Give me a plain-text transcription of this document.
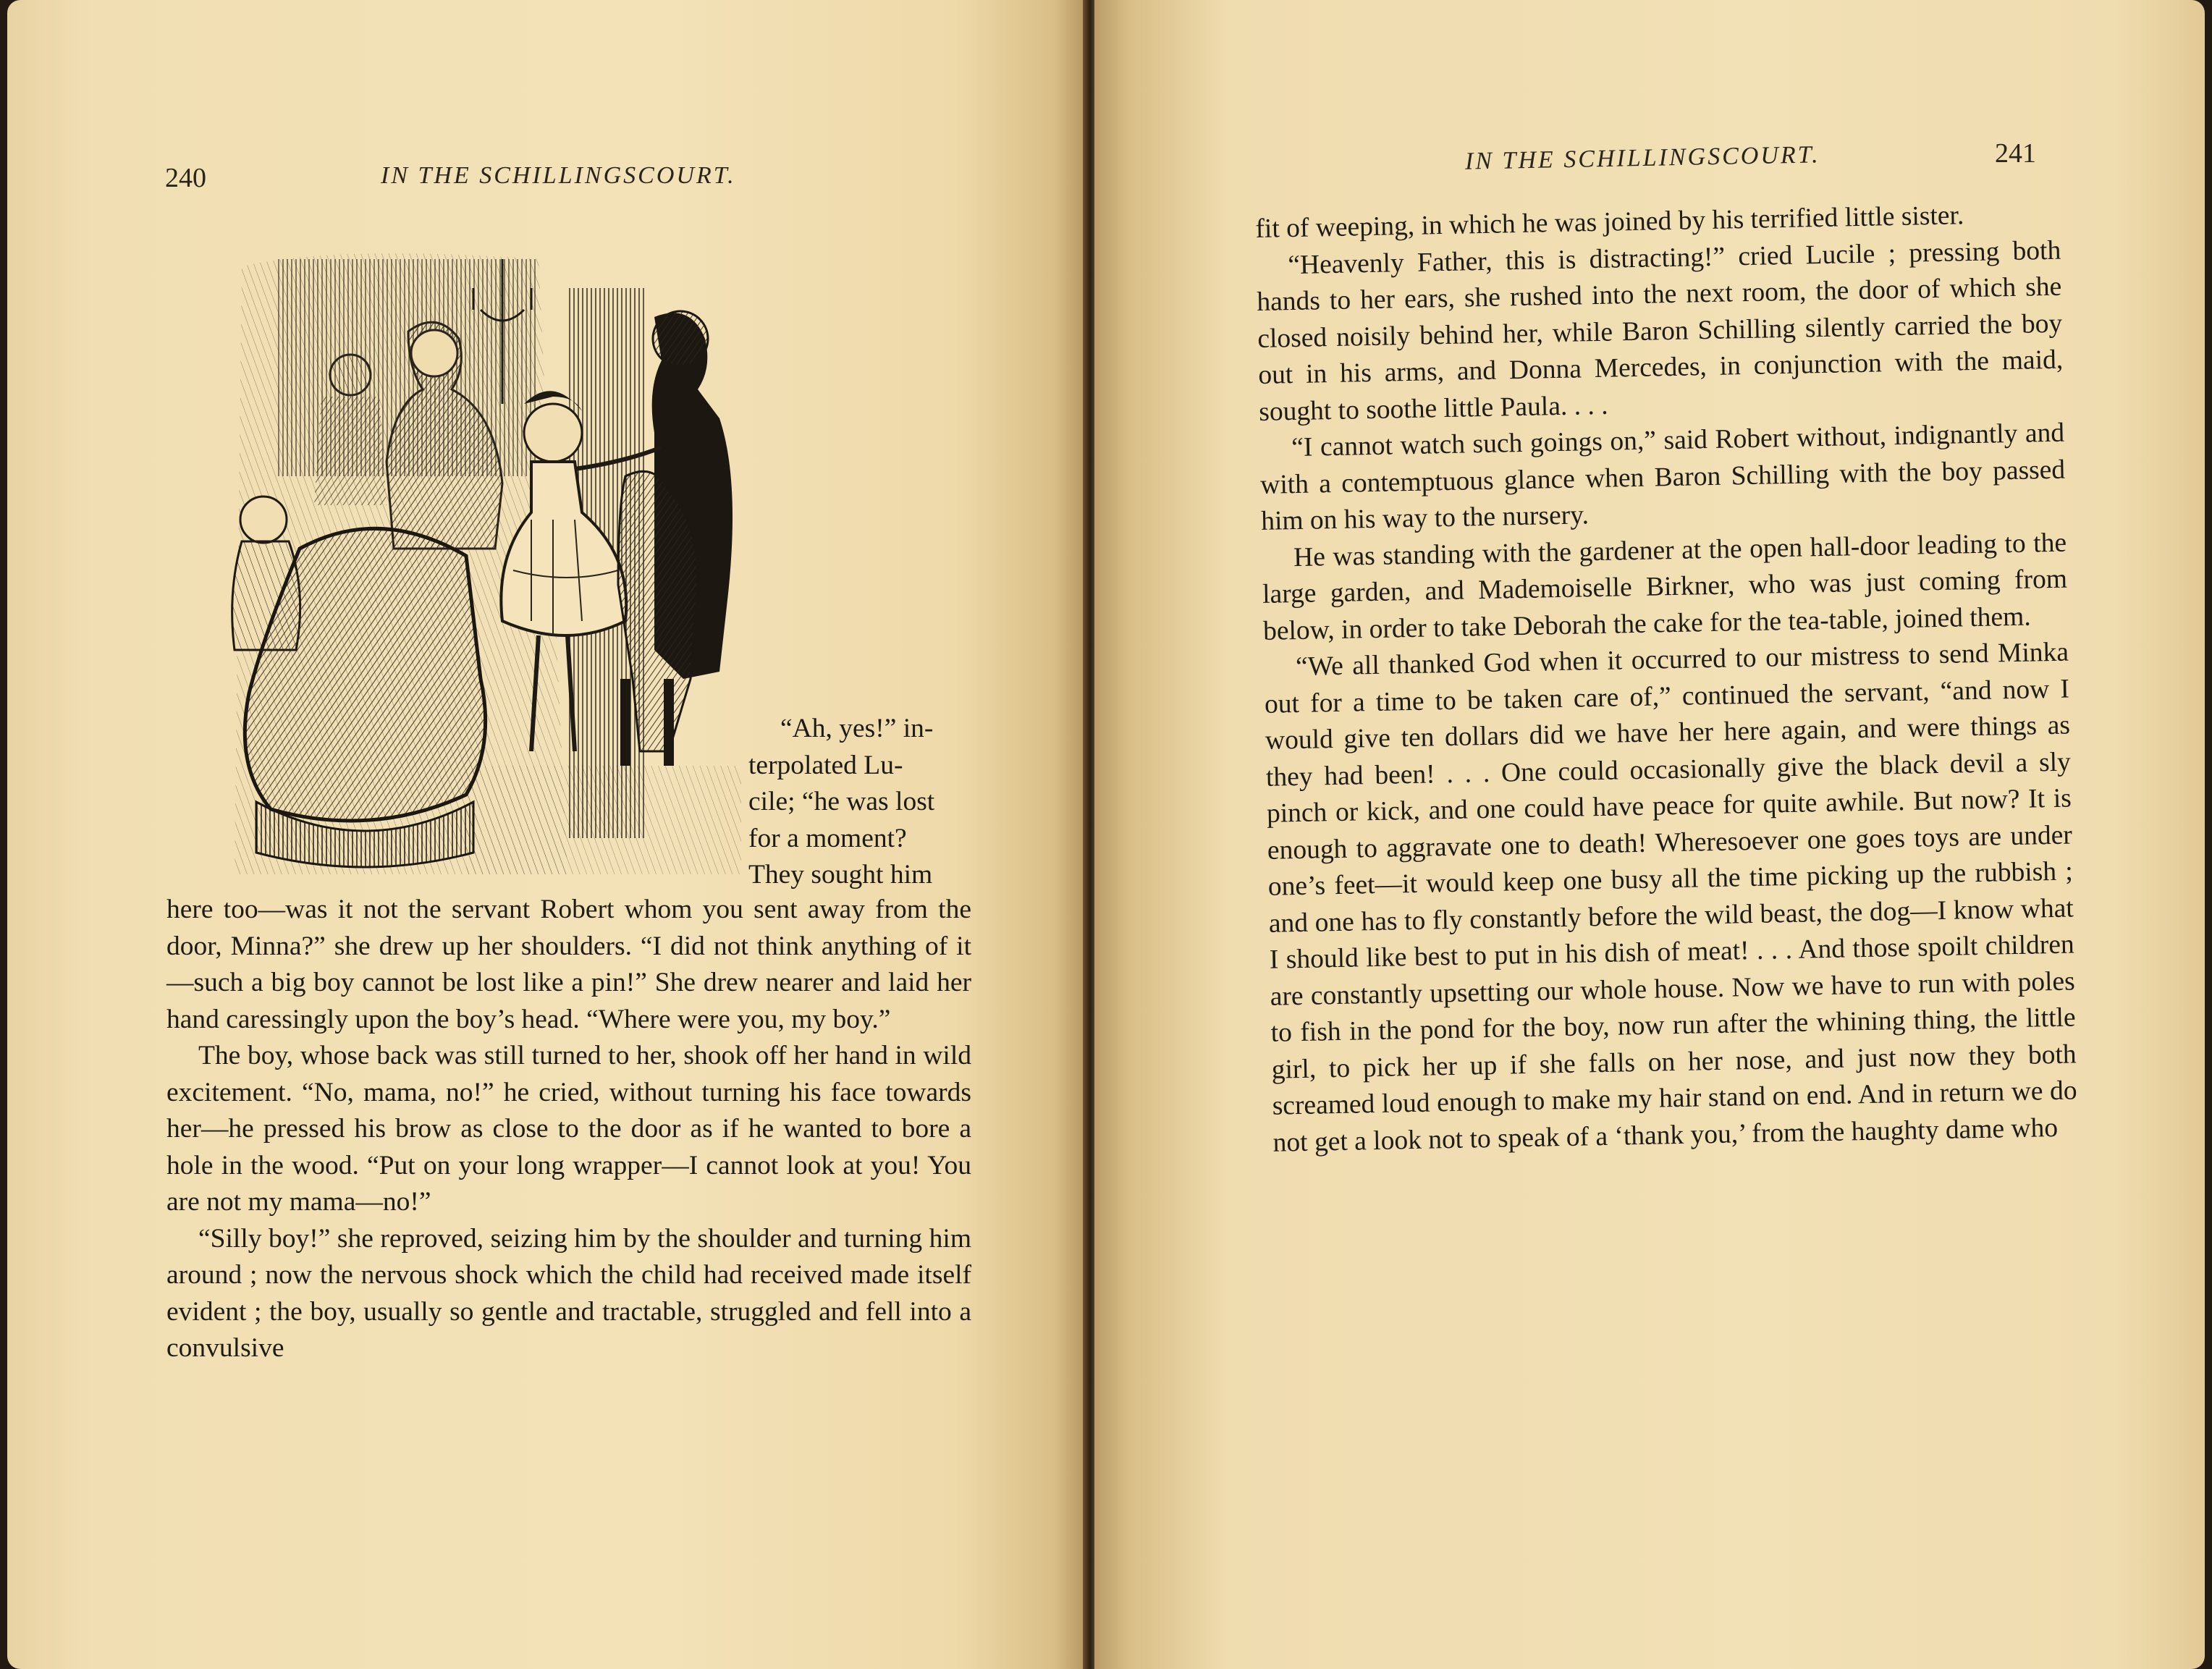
240	IN THE SCHILLINGSCOURT.

“Ah, yes!” in-

terpolated Lu-

cile; “he was lost

for a moment?

They sought him

here too—was it not the servant Robert whom you sent away from the door, Minna?” she drew up her shoulders. “I did not think anything of it—such a big boy cannot be lost like a pin!” She drew nearer and laid her hand caressingly upon the boy’s head. “Where were you, my boy.”

The boy, whose back was still turned to her, shook off her hand in wild excitement. “No, mama, no!” he cried, without turning his face towards her—he pressed his brow as close to the door as if he wanted to bore a hole in the wood. “Put on your long wrapper—I cannot look at you! You are not my mama—no!”

“Silly boy!” she reproved, seizing him by the shoulder and turning him around ; now the nervous shock which the child had received made itself evident ; the boy, usually so gentle and tractable, struggled and fell into a convulsive

IN THE SCHILLINGSCOURT.	241

fit of weeping, in which he was joined by his terrified little sister.

“Heavenly Father, this is distracting!” cried Lucile ; pressing both hands to her ears, she rushed into the next room, the door of which she closed noisily behind her, while Baron Schilling silently carried the boy out in his arms, and Donna Mercedes, in conjunction with the maid, sought to soothe little Paula. . . .

“I cannot watch such goings on,” said Robert without, indignantly and with a contemptuous glance when Baron Schilling with the boy passed him on his way to the nursery.

He was standing with the gardener at the open hall-door leading to the large garden, and Mademoiselle Birkner, who was just coming from below, in order to take Deborah the cake for the tea-table, joined them.

“We all thanked God when it occurred to our mistress to send Minka out for a time to be taken care of,” continued the servant, “and now I would give ten dollars did we have her here again, and were things as they had been! . . . One could occasionally give the black devil a sly pinch or kick, and one could have peace for quite awhile. But now? It is enough to aggravate one to death! Wheresoever one goes toys are under one’s feet—it would keep one busy all the time picking up the rubbish ; and one has to fly constantly before the wild beast, the dog—I know what I should like best to put in his dish of meat! . . . And those spoilt children are constantly upsetting our whole house. Now we have to run with poles to fish in the pond for the boy, now run after the whining thing, the little girl, to pick her up if she falls on her nose, and just now they both screamed loud enough to make my hair stand on end. And in return we do not get a look not to speak of a ‘thank you,’ from the haughty dame who
